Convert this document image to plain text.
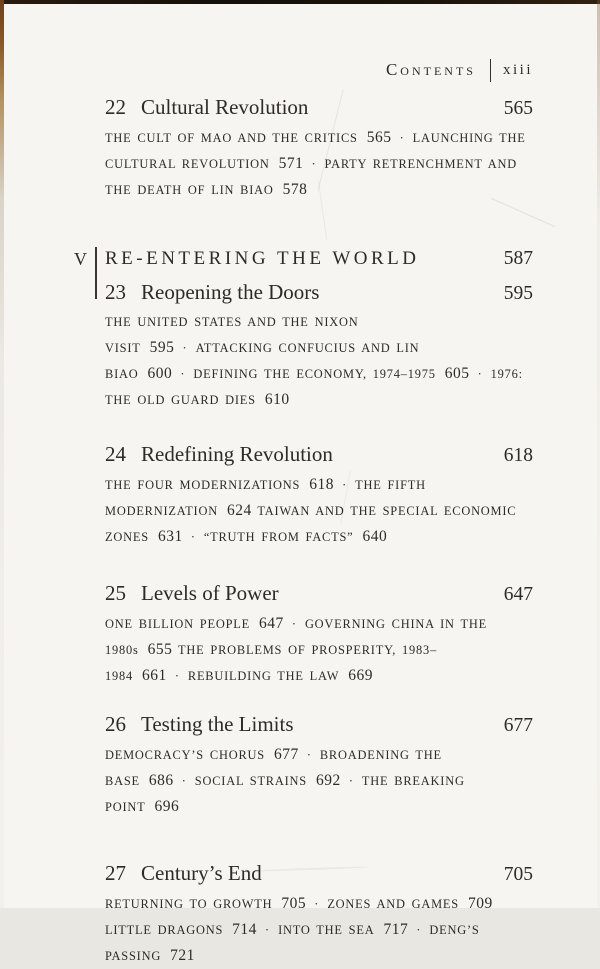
Contents xiii
22 Cultural Revolution	565
THE CULT OF MAO AND THE CRITICS 565 · LAUNCHING THE CULTURAL REVOLUTION 571 · PARTY RETRENCHMENT AND THE DEATH OF LIN BIAO 578
V RE-ENTERING THE WORLD	587
23 Reopening the Doors	595
THE UNITED STATES AND THE NIXON VISIT 595 · ATTACKING CONFUCIUS AND LIN BIAO 600 · DEFINING THE ECONOMY, 1974–1975 605 · 1976: THE OLD GUARD DIES 610
24 Redefining Revolution	618
THE FOUR MODERNIZATIONS 618 · THE FIFTH MODERNIZATION 624 TAIWAN AND THE SPECIAL ECONOMIC ZONES 631 · “TRUTH FROM FACTS” 640
25 Levels of Power	647
ONE BILLION PEOPLE 647 · GOVERNING CHINA IN THE 1980s 655 THE PROBLEMS OF PROSPERITY, 1983–1984 661 · REBUILDING THE LAW 669
26 Testing the Limits	677
DEMOCRACY’S CHORUS 677 · BROADENING THE BASE 686 · SOCIAL STRAINS 692 · THE BREAKING POINT 696
27 Century’s End	705
RETURNING TO GROWTH 705 · ZONES AND GAMES 709 LITTLE DRAGONS 714 · INTO THE SEA 717 · DENG’S PASSING 721
